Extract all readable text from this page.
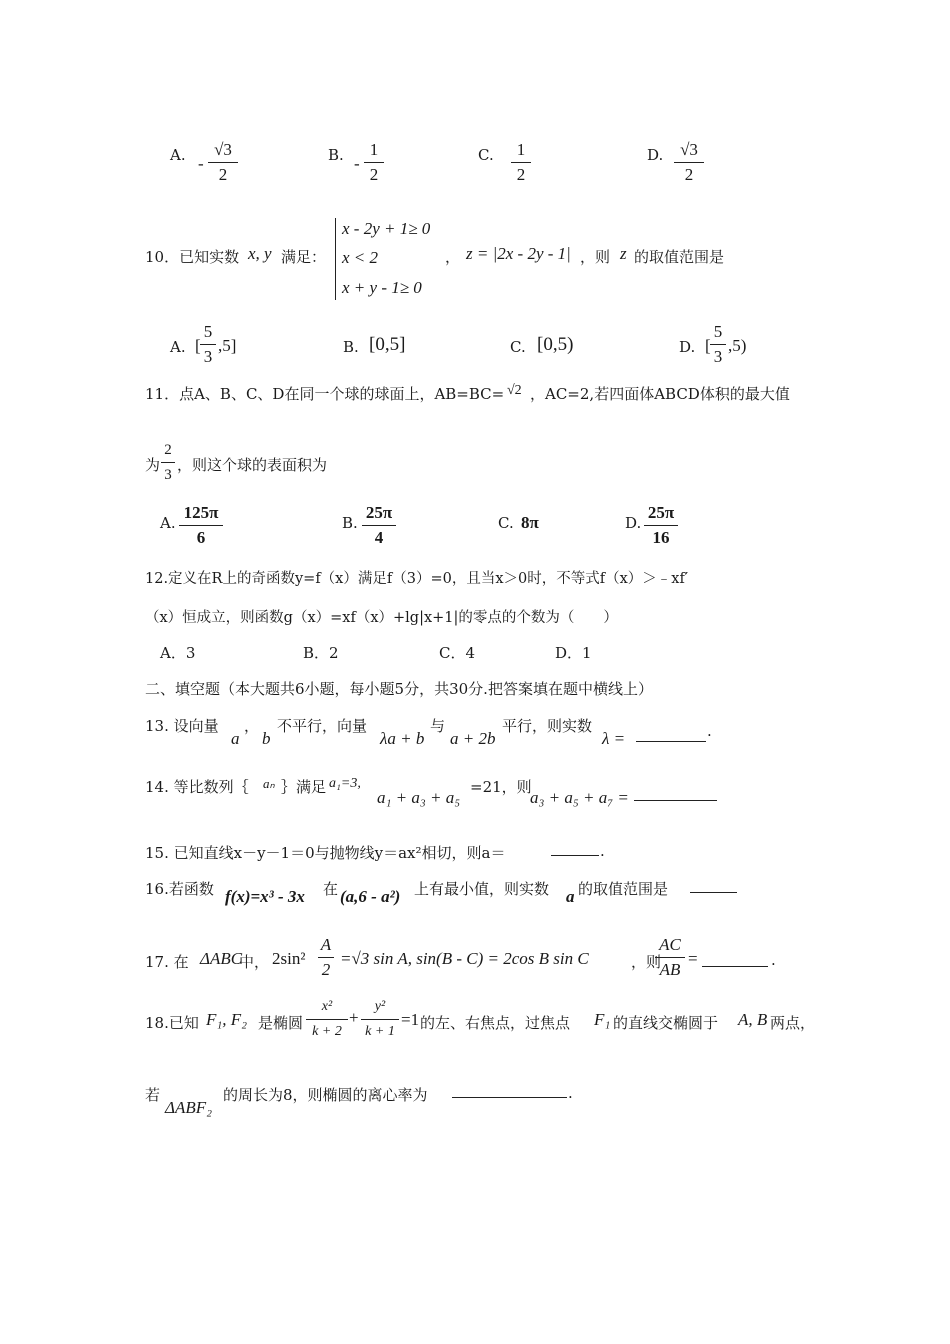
A. -
√3
2
B. -
1
2
C.	1
2
D. √3
2
10．已知实数 x, y 满足：
x - 2y + 1≥ 0
x < 2
x + y - 1≥ 0
， z = |2x - 2y - 1| ，则 z 的取值范围是
A. [
5
3
,5]	B. [0,5]	C. [0,5)	D. [
5
3
,5)
11．点A、B、C、D在同一个球的球面上，AB=BC= √2 ，AC=2,若四面体ABCD体积的最大值
为
2
3
，则这个球的表面积为
A.
125π
6
B.
25π
4
C. 8π	D.
25π
16
12.定义在R上的奇函数y=f（x）满足f（3）=0，且当x＞0时，不等式f（x）＞﹣xf′
（x）恒成立，则函数g（x）=xf（x）+lg|x+1|的零点的个数为（　　）
A．3	B．2	C．4	D．1
二、填空题（本大题共6小题，每小题5分，共30分.把答案填在题中横线上）
13. 设向量
a
，
b
不平行，向量
λa + b
与
a + 2b
平行，则实数
λ =	.
14. 等比数列｛ aₙ ｝满足 a₁=3,
a₁ + a₃ + a₅
=21，则
a₃ + a₅ + a₇ =
15. 已知直线x－y－1＝0与抛物线y＝ax²相切，则a＝	.
16.若函数 f(x)=x³ - 3x 在 (a,6 - a²) 上有最小值，则实数 a 的取值范围是
17. 在 ΔABC
中， 2sin²
A
2
=√3 sin A, sin(B - C) = 2cos B sin C	，则
AC
AB
=	.
18.已知 F₁, F₂ 是椭圆
x²
k + 2
+
y²
k + 1
=1 的左、右焦点，过焦点 F₁ 的直线交椭圆于 A, B 两点，
若
ΔABF₂
的周长为8，则椭圆的离心率为	.
